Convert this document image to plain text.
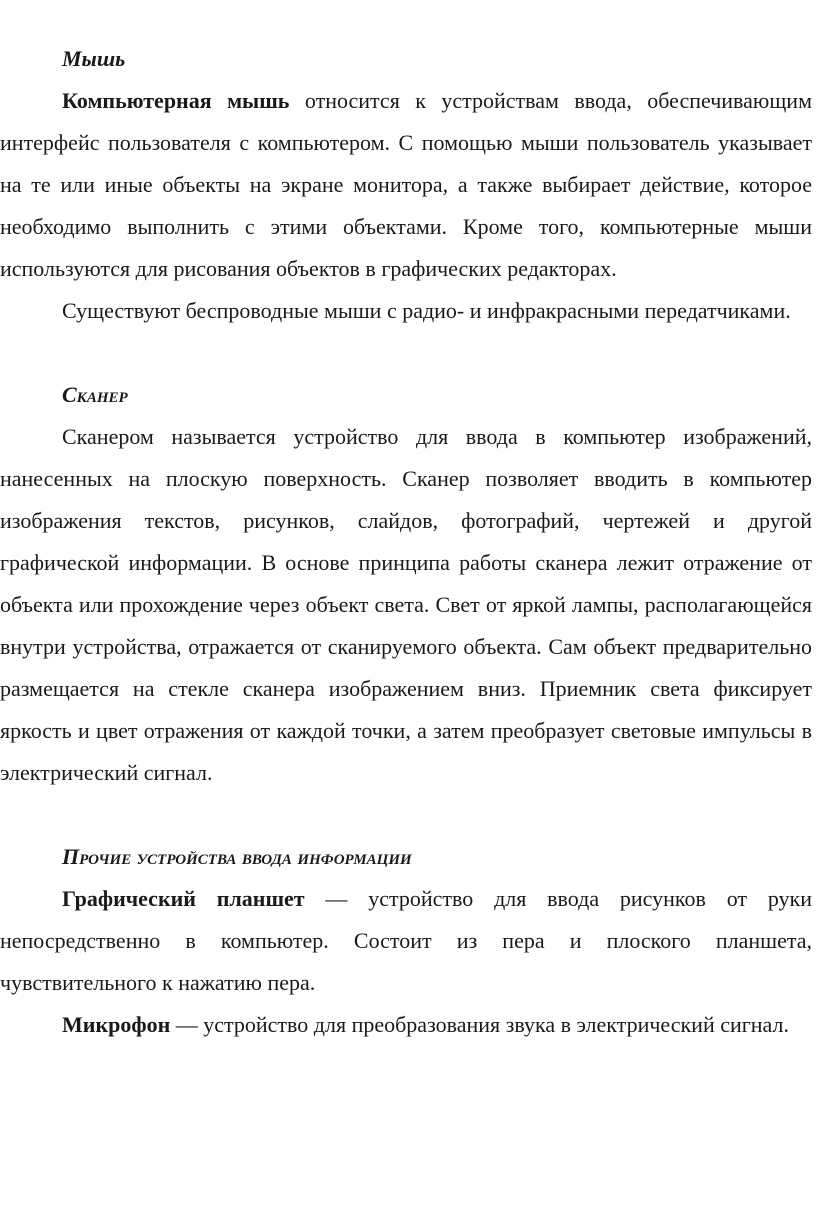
Мышь

Компьютерная мышь относится к устройствам ввода, обеспечивающим интерфейс пользователя с компьютером. С помощью мыши пользователь указывает на те или иные объекты на экране монитора, а также выбирает действие, которое необходимо выполнить с этими объектами. Кроме того, компьютерные мыши используются для рисования объектов в графических редакторах.

Существуют беспроводные мыши с радио- и инфракрасными передатчиками.

Сканер

Сканером называется устройство для ввода в компьютер изображений, нанесенных на плоскую поверхность. Сканер позволяет вводить в компьютер изображения текстов, рисунков, слайдов, фотографий, чертежей и другой графической информации. В основе принципа работы сканера лежит отражение от объекта или прохождение через объект света. Свет от яркой лампы, располагающейся внутри устройства, отражается от сканируемого объекта. Сам объект предварительно размещается на стекле сканера изображением вниз. Приемник света фиксирует яркость и цвет отражения от каждой точки, а затем преобразует световые импульсы в электрический сигнал.

Прочие устройства ввода информации

Графический планшет — устройство для ввода рисунков от руки непосредственно в компьютер. Состоит из пера и плоского планшета, чувствительного к нажатию пера.

Микрофон — устройство для преобразования звука в электрический сигнал.
